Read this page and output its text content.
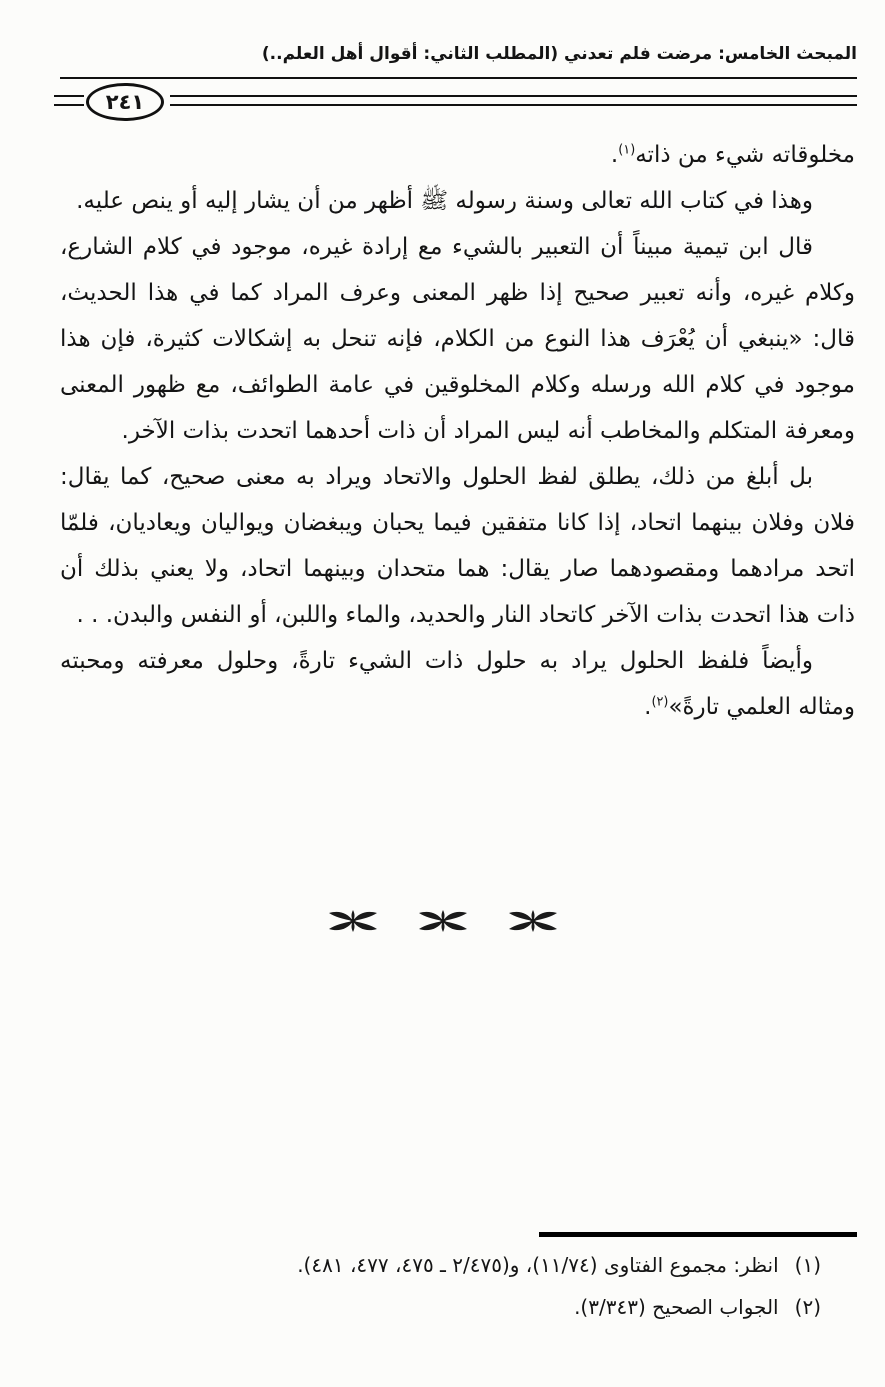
المبحث الخامس: مرضت فلم تعدني (المطلب الثاني: أقوال أهل العلم..)
٢٤١

مخلوقاته شيء من ذاته$^{(١)}$.

وهذا في كتاب الله تعالى وسنة رسوله ﷺ أظهر من أن يشار إليه أو ينص عليه.

قال ابن تيمية مبيناً أن التعبير بالشيء مع إرادة غيره، موجود في كلام الشارع، وكلام غيره، وأنه تعبير صحيح إذا ظهر المعنى وعرف المراد كما في هذا الحديث، قال: «ينبغي أن يُعْرَف هذا النوع من الكلام، فإنه تنحل به إشكالات كثيرة، فإن هذا موجود في كلام الله ورسله وكلام المخلوقين في عامة الطوائف، مع ظهور المعنى ومعرفة المتكلم والمخاطب أنه ليس المراد أن ذات أحدهما اتحدت بذات الآخر.

بل أبلغ من ذلك، يطلق لفظ الحلول والاتحاد ويراد به معنى صحيح، كما يقال: فلان وفلان بينهما اتحاد، إذا كانا متفقين فيما يحبان ويبغضان ويواليان ويعاديان، فلمّا اتحد مرادهما ومقصودهما صار يقال: هما متحدان وبينهما اتحاد، ولا يعني بذلك أن ذات هذا اتحدت بذات الآخر كاتحاد النار والحديد، والماء واللبن، أو النفس والبدن. . .

وأيضاً فلفظ الحلول يراد به حلول ذات الشيء تارةً، وحلول معرفته ومحبته ومثاله العلمي تارةً»$^{(٢)}$.

(١)
انظر: مجموع الفتاوى (١١/٧٤)، و(٢/٤٧٥ ـ ٤٧٥، ٤٧٧، ٤٨١).
(٢)
الجواب الصحيح (٣/٣٤٣).
